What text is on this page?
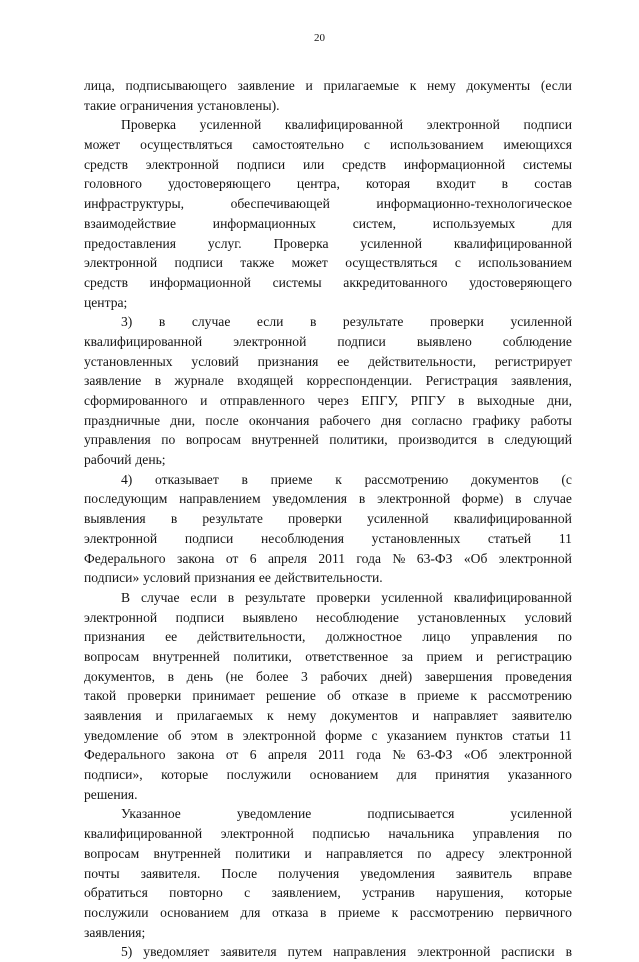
20
лица, подписывающего заявление и прилагаемые к нему документы (если
такие ограничения установлены).
Проверка усиленной квалифицированной электронной подписи
может осуществляться самостоятельно с использованием имеющихся
средств электронной подписи или средств информационной системы
головного удостоверяющего центра, которая входит в состав
инфраструктуры,	обеспечивающей	информационно-технологическое
взаимодействие	информационных	систем,	используемых	для
предоставления услуг. Проверка усиленной квалифицированной
электронной подписи также может осуществляться с использованием
средств информационной системы аккредитованного удостоверяющего
центра;
3) в случае если в результате проверки усиленной
квалифицированной электронной подписи выявлено соблюдение
установленных условий признания ее действительности, регистрирует
заявление в журнале входящей корреспонденции. Регистрация заявления,
сформированного и отправленного через ЕПГУ, РПГУ в выходные дни,
праздничные дни, после окончания рабочего дня согласно графику работы
управления по вопросам внутренней политики, производится в следующий
рабочий день;
4) отказывает в приеме к рассмотрению документов (с
последующим направлением уведомления в электронной форме) в случае
выявления в результате проверки усиленной квалифицированной
электронной подписи несоблюдения установленных статьей 11
Федерального закона от 6 апреля 2011 года № 63-ФЗ «Об электронной
подписи» условий признания ее действительности.
В случае если в результате проверки усиленной квалифицированной
электронной подписи выявлено несоблюдение установленных условий
признания ее действительности, должностное лицо управления по
вопросам внутренней политики, ответственное за прием и регистрацию
документов, в день (не более 3 рабочих дней) завершения проведения
такой проверки принимает решение об отказе в приеме к рассмотрению
заявления и прилагаемых к нему документов и направляет заявителю
уведомление об этом в электронной форме с указанием пунктов статьи 11
Федерального закона от 6 апреля 2011 года № 63-ФЗ «Об электронной
подписи», которые послужили основанием для принятия указанного
решения.
Указанное	уведомление	подписывается	усиленной
квалифицированной электронной подписью начальника управления по
вопросам внутренней политики и направляется по адресу электронной
почты заявителя. После получения уведомления заявитель вправе
обратиться повторно с заявлением, устранив нарушения, которые
послужили основанием для отказа в приеме к рассмотрению первичного
заявления;
5) уведомляет заявителя путем направления электронной расписки в
